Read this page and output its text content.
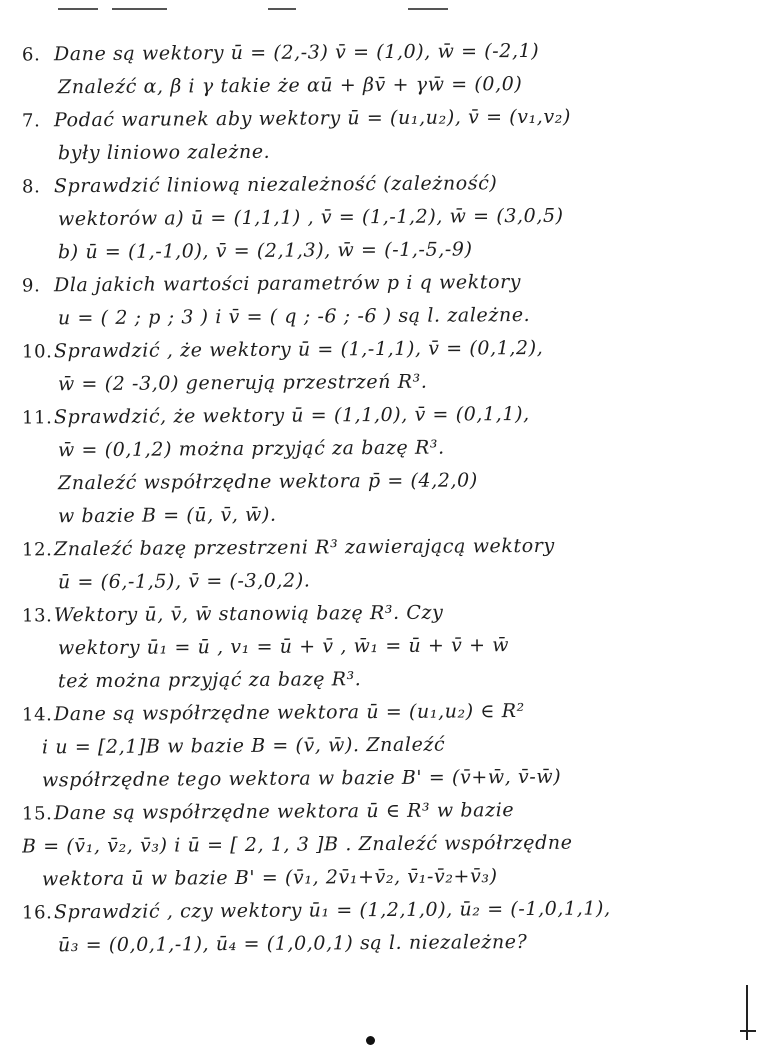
6. Dane są wektory ū = (2,-3) v̄ = (1,0), w̄ = (-2,1)
Znaleźć α, β i γ takie że αū + βv̄ + γw̄ = (0,0)
7. Podać warunek aby wektory ū = (u₁,u₂), v̄ = (v₁,v₂)
były liniowo zależne.
8. Sprawdzić liniową niezależność (zależność)
wektorów a) ū = (1,1,1) , v̄ = (1,-1,2), w̄ = (3,0,5)
b) ū = (1,-1,0), v̄ = (2,1,3), w̄ = (-1,-5,-9)
9. Dla jakich wartości parametrów p i q wektory
u = ( 2 ; p ; 3 ) i v̄ = ( q ; -6 ; -6 ) są l. zależne.
10.Sprawdzić , że wektory ū = (1,-1,1), v̄ = (0,1,2),
w̄ = (2 -3,0) generują przestrzeń R³.
11.Sprawdzić, że wektory ū = (1,1,0), v̄ = (0,1,1),
w̄ = (0,1,2) można przyjąć za bazę R³.
Znaleźć współrzędne wektora p̄ = (4,2,0)
w bazie B = (ū, v̄, w̄).
12.Znaleźć bazę przestrzeni R³ zawierającą wektory
ū = (6,-1,5), v̄ = (-3,0,2).
13.Wektory ū, v̄, w̄ stanowią bazę R³. Czy
wektory ū₁ = ū , v₁ = ū + v̄ , w̄₁ = ū + v̄ + w̄
też można przyjąć za bazę R³.
14.Dane są współrzędne wektora ū = (u₁,u₂) ∈ R²
i u = [2,1]B w bazie B = (v̄, w̄). Znaleźć
współrzędne tego wektora w bazie B' = (v̄+w̄, v̄-w̄)
15.Dane są współrzędne wektora ū ∈ R³ w bazie
B = (v̄₁, v̄₂, v̄₃) i ū = [ 2, 1, 3 ]B . Znaleźć współrzędne
wektora ū w bazie B' = (v̄₁, 2v̄₁+v̄₂, v̄₁-v̄₂+v̄₃)
16.Sprawdzić , czy wektory ū₁ = (1,2,1,0), ū₂ = (-1,0,1,1),
ū₃ = (0,0,1,-1), ū₄ = (1,0,0,1) są l. niezależne?
